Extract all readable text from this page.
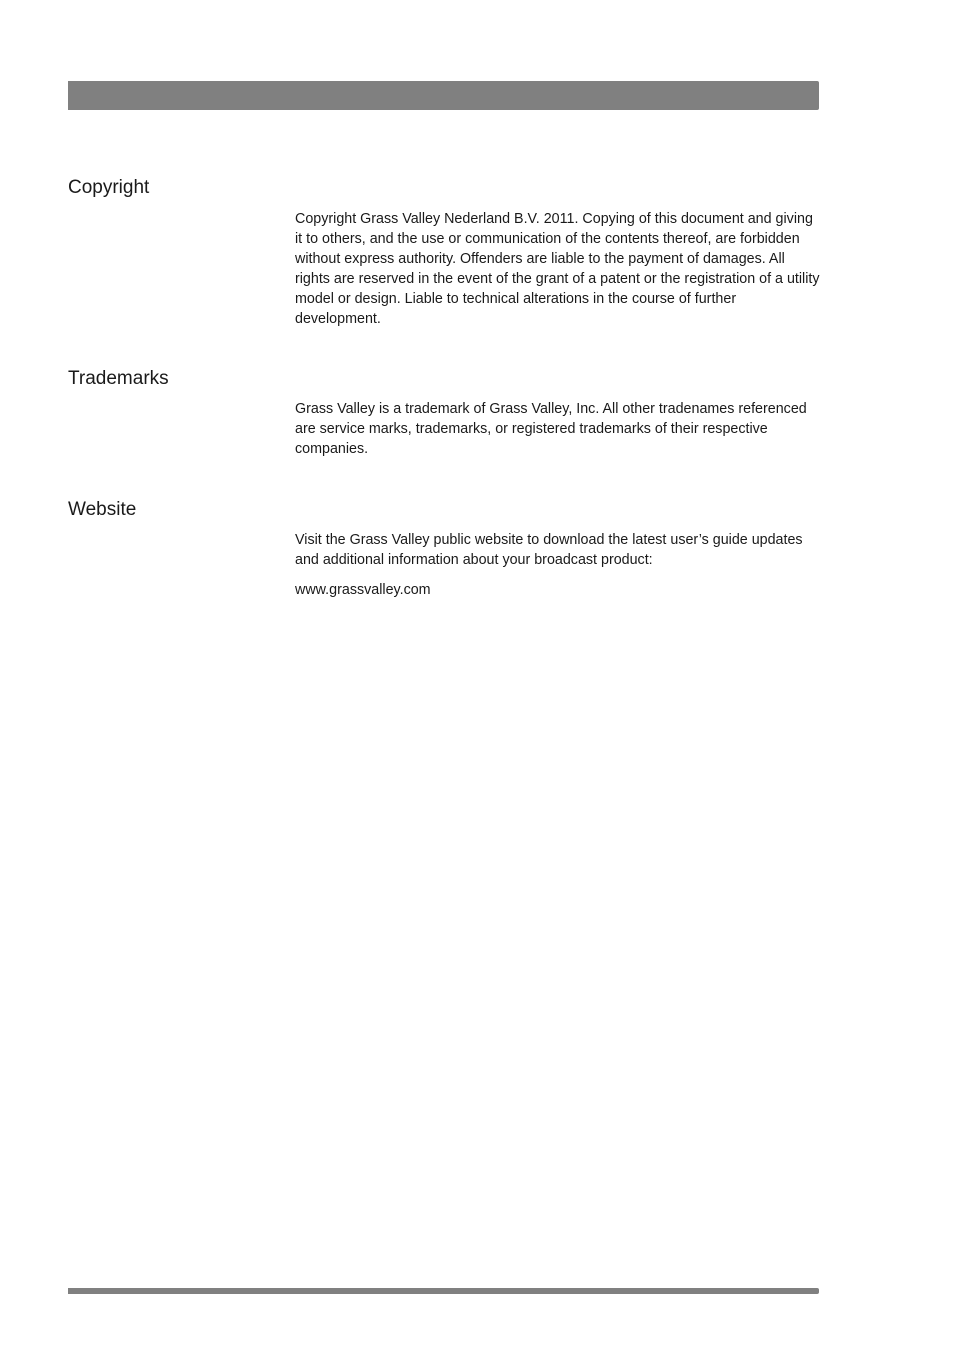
Copyright

Copyright Grass Valley Nederland B.V. 2011. Copying of this document and giving it to others, and the use or communication of the contents thereof, are forbidden without express authority. Offenders are liable to the payment of damages. All rights are reserved in the event of the grant of a patent or the registration of a utility model or design. Liable to technical alterations in the course of further development.

Trademarks

Grass Valley is a trademark of Grass Valley, Inc. All other tradenames referenced are service marks, trademarks, or registered trademarks of their respective companies.

Website

Visit the Grass Valley public website to download the latest user’s guide updates and additional information about your broadcast product:

www.grassvalley.com
